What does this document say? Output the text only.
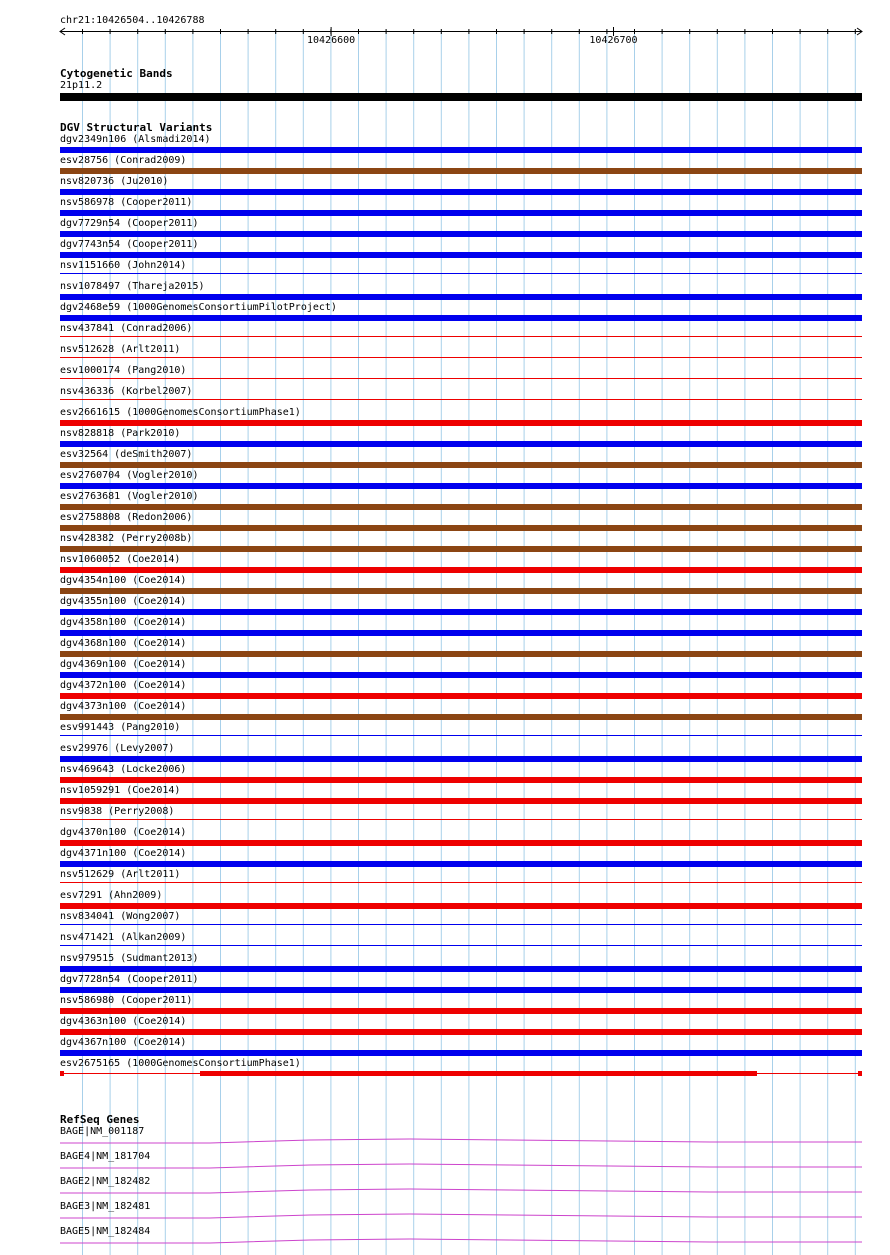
chr21:10426504..10426788
10426600	10426700
Cytogenetic Bands
21p11.2
DGV Structural Variants
dgv2349n106 (Alsmadi2014)
esv28756 (Conrad2009)
nsv820736 (Ju2010)
nsv586978 (Cooper2011)
dgv7729n54 (Cooper2011)
dgv7743n54 (Cooper2011)
nsv1151660 (John2014)
nsv1078497 (Thareja2015)
dgv2468e59 (1000GenomesConsortiumPilotProject)
nsv437841 (Conrad2006)
nsv512628 (Arlt2011)
esv1000174 (Pang2010)
nsv436336 (Korbel2007)
esv2661615 (1000GenomesConsortiumPhase1)
nsv828818 (Park2010)
esv32564 (deSmith2007)
esv2760704 (Vogler2010)
esv2763681 (Vogler2010)
esv2758808 (Redon2006)
nsv428382 (Perry2008b)
nsv1060052 (Coe2014)
dgv4354n100 (Coe2014)
dgv4355n100 (Coe2014)
dgv4358n100 (Coe2014)
dgv4368n100 (Coe2014)
dgv4369n100 (Coe2014)
dgv4372n100 (Coe2014)
dgv4373n100 (Coe2014)
esv991443 (Pang2010)
esv29976 (Levy2007)
nsv469643 (Locke2006)
nsv1059291 (Coe2014)
nsv9838 (Perry2008)
dgv4370n100 (Coe2014)
dgv4371n100 (Coe2014)
nsv512629 (Arlt2011)
esv7291 (Ahn2009)
nsv834041 (Wong2007)
nsv471421 (Alkan2009)
nsv979515 (Sudmant2013)
dgv7728n54 (Cooper2011)
nsv586980 (Cooper2011)
dgv4363n100 (Coe2014)
dgv4367n100 (Coe2014)
esv2675165 (1000GenomesConsortiumPhase1)
RefSeq Genes
BAGE|NM_001187
BAGE4|NM_181704
BAGE2|NM_182482
BAGE3|NM_182481
BAGE5|NM_182484
